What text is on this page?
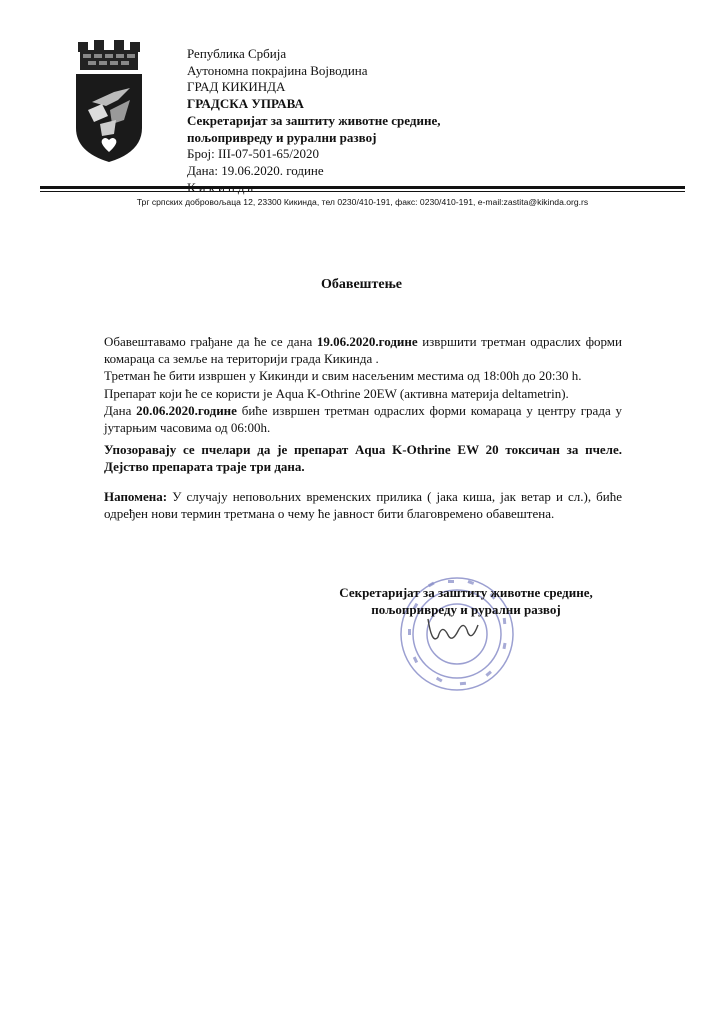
Република Србија
Аутономна покрајина Војводина
ГРАД КИКИНДА
ГРАДСКА УПРАВА
Секретаријат за заштиту животне средине,
пољопривреду и рурални развој
Број: III-07-501-65/2020
Дана: 19.06.2020. године
Трг српских добровољаца 12, 23300 Кикинда, тел 0230/410-191, факс: 0230/410-191, e-mail:zastita@kikinda.org.rs
Обавештење
Обавештавамо грађане да ће се дана 19.06.2020.године извршити третман одраслих форми комараца са земље на територији града Кикинда .
Третман ће бити извршен у Кикинди и свим насељеним местима од 18:00h до 20:30 h.
Препарат који ће се користи је Aqua K-Othrine 20EW (активна материја deltametrin).
Дана 20.06.2020.године биће извршен третман одраслих форми комараца у центру града у јутарњим часовима од 06:00h.
Упозоравају се пчелари да је препарат Aqua K-Othrine EW 20 токсичан за пчеле. Дејство препарата траје три дана.
Напомена: У случају неповољних временских прилика ( јака киша, јак ветар и сл.), биће одређен нови термин третмана о чему ће јавност бити благовремено обавештена.
Секретаријат за заштиту животне средине,
пољопривреду и рурални развој
